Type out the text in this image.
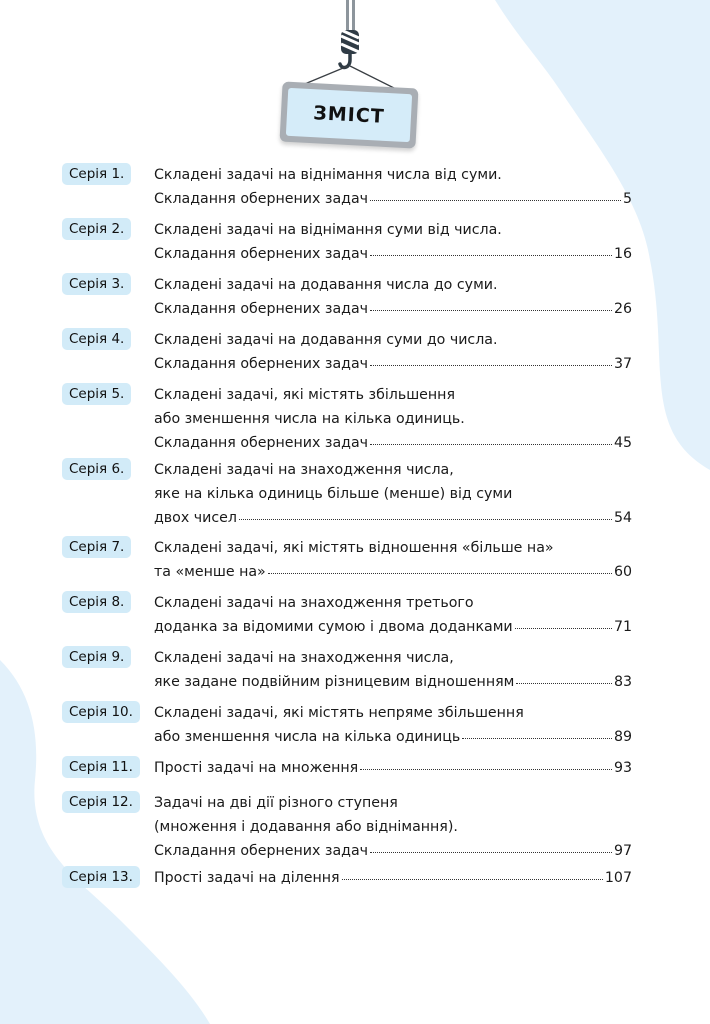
ЗМІСТ
Серія 1.	Складені задачі на віднімання числа від суми.
Складання обернених задач	5
Серія 2.	Складені задачі на віднімання суми від числа.
Складання обернених задач	16
Серія 3.	Складені задачі на додавання числа до суми.
Складання обернених задач	26
Серія 4.	Складені задачі на додавання суми до числа.
Складання обернених задач	37
Серія 5.	Складені задачі, які містять збільшення
або зменшення числа на кілька одиниць.
Складання обернених задач	45
Серія 6.	Складені задачі на знаходження числа,
яке на кілька одиниць більше (менше) від суми
двох чисел	54
Серія 7.	Складені задачі, які містять відношення «більше на»
та «менше на»	60
Серія 8.	Складені задачі на знаходження третього
доданка за відомими сумою і двома доданками	71
Серія 9.	Складені задачі на знаходження числа,
яке задане подвійним різницевим відношенням	83
Серія 10.	Складені задачі, які містять непряме збільшення
або зменшення числа на кілька одиниць	89
Серія 11.	Прості задачі на множення	93
Серія 12.	Задачі на дві дії різного ступеня
(множення і додавання або віднімання).
Складання обернених задач	97
Серія 13.	Прості задачі на ділення	107
